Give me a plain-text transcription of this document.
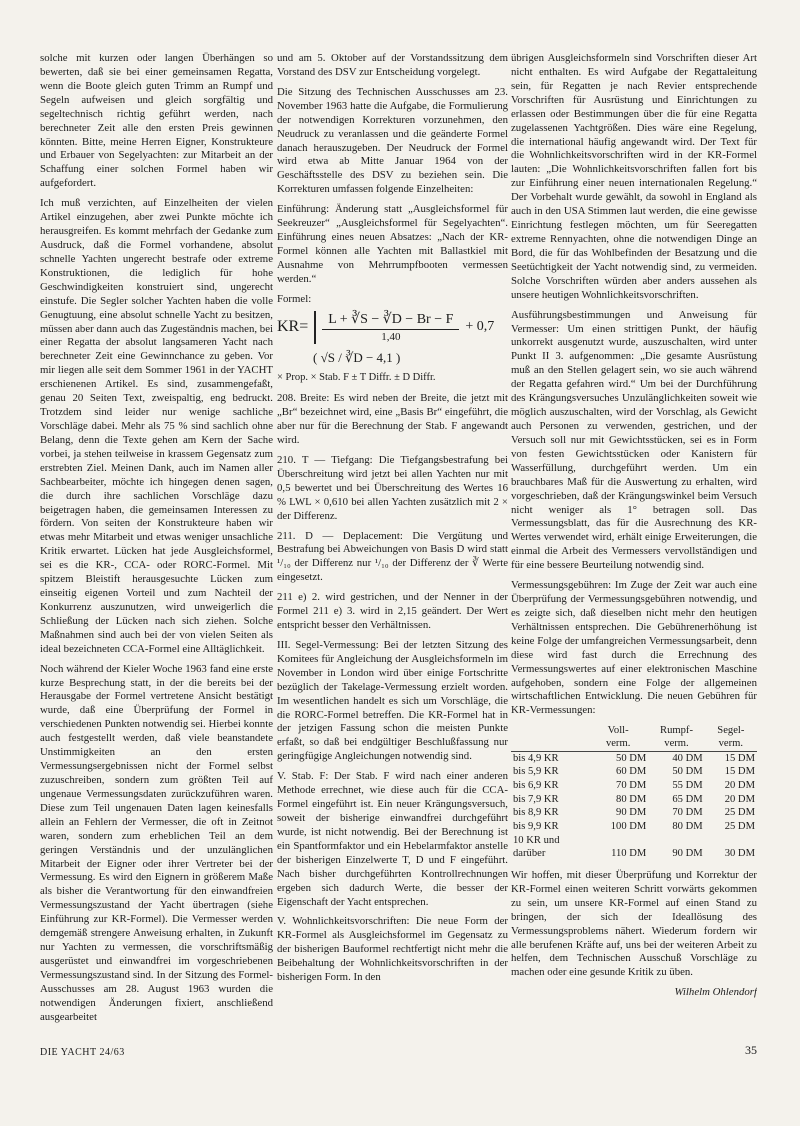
solche mit kurzen oder langen Überhängen so bewerten, daß sie bei einer gemeinsamen Regatta, wenn die Boote gleich guten Trimm an Rumpf und Segeln aufweisen und gleich sorgfältig und segeltechnisch richtig geführt werden, nach berechneter Zeit alle den ersten Preis gewinnen könnten. Bitte, meine Herren Eigner, Konstrukteure und Erbauer von Segelyachten: zur Mitarbeit an der Schaffung einer solchen Formel haben wir aufgefordert.

Ich muß verzichten, auf Einzelheiten der vielen Artikel einzugehen, aber zwei Punkte möchte ich herausgreifen. Es kommt mehrfach der Gedanke zum Ausdruck, daß die Formel vorhandene, absolut schnelle Yachten ungerecht bestrafe oder extreme Konstruktionen, die lediglich für hohe Geschwindigkeiten konstruiert sind, ungerecht einstufe. Die Segler solcher Yachten haben die volle Genugtuung, eine absolut schnelle Yacht zu besitzen, müssen aber dann auch das Zugeständnis machen, bei einer Regatta der absolut langsameren Yacht nach berechneter Zeit eine Gewinnchance zu geben. Vor mir liegen alle seit dem Sommer 1961 in der YACHT erschienenen Artikel. Es sind, zusammengefaßt, genau 20 Seiten Text, zweispaltig, eng bedruckt. Trotzdem sind leider nur wenige sachliche Vorschläge dabei. Mehr als 75 % sind sachlich ohne Belang, denn die Texte gehen am Kern der Sache vorbei, ja stehen teilweise in krassem Gegensatz zum erstrebten Ziel. Meinen Dank, auch im Namen aller Sachbearbeiter, möchte ich hingegen denen sagen, die durch ihre sachlichen Vorschläge dazu beigetragen haben, die gemeinsamen Interessen zu fördern. Von seiten der Konstrukteure haben wir etwas mehr Mitarbeit und etwas weniger unsachliche Kritik erwartet. Lücken hat jede Ausgleichsformel, sei es die KR-, CCA- oder RORC-Formel. Mit spitzem Bleistift herausgesuchte Lücken zum einseitig eigenen Vorteil und zum Nachteil der Konkurrenz auszunutzen, wird unweigerlich die Schließung der Lücken nach sich ziehen. Solche Maßnahmen sind auch bei der von vielen Seiten als ideal bezeichneten CCA-Formel eine Alltäglichkeit.

Noch während der Kieler Woche 1963 fand eine erste kurze Besprechung statt, in der die bereits bei der Herausgabe der Formel vertretene Ansicht bestätigt wurde, daß eine Überprüfung der Formel in verschiedenen Punkten notwendig sei. Hierbei konnte auch festgestellt werden, daß viele beanstandete Unstimmigkeiten an den ersten Vermessungsergebnissen nicht der Formel selbst zuzuschreiben, sondern zum größten Teil auf ungenaue Vermessungsdaten zurückzuführen waren. Diese zum Teil ungenauen Daten lagen keinesfalls allein an Fehlern der Vermesser, die oft in Zeitnot waren, sondern zum erheblichen Teil an dem geringen Verständnis und der unzulänglichen Mitarbeit der Eigner oder ihrer Vertreter bei der Vermessung. Es wird den Eignern in größerem Maße als bisher die Verantwortung für den einwandfreien Vermessungszustand der Yacht übertragen (siehe Einführung zur KR-Formel). Die Vermesser werden demgemäß strengere Anweisung erhalten, in Zukunft nur Yachten zu vermessen, die vorschriftsmäßig ausgerüstet und einwandfrei im vorgeschriebenen Vermessungszustand sind. In der Sitzung des Formel-Ausschusses am 28. August 1963 wurden die notwendigen Änderungen fixiert, anschließend ausgearbeitet

und am 5. Oktober auf der Vorstandssitzung dem Vorstand des DSV zur Entscheidung vorgelegt.

Die Sitzung des Technischen Ausschusses am 23. November 1963 hatte die Aufgabe, die Formulierung der notwendigen Korrekturen vorzunehmen, den Neudruck zu veranlassen und die geänderte Formel danach herauszugeben. Der Neudruck der Formel wird etwa ab Mitte Januar 1964 von der Geschäftsstelle des DSV zu beziehen sein. Die Korrekturen umfassen folgende Einzelheiten:

Einführung: Änderung statt „Ausgleichsformel für Seekreuzer“ „Ausgleichsformel für Segelyachten“. Einführung eines neuen Absatzes: „Nach der KR-Formel können alle Yachten mit Ballastkiel mit Ausnahme von Mehrrumpfbooten vermessen werden.“

Formel:
$KR= \frac{L + ∛S - ∛D - Br - F}{1,40} + 0,7$
( √S / ∛D − 4,1 )
× Prop. × Stab. F ± T Diffr. ± D Diffr.

208. Breite: Es wird neben der Breite, die jetzt mit „Br“ bezeichnet wird, eine „Basis Br“ eingeführt, die aber nur für die Berechnung der Stab. F angewandt wird.

210. T — Tiefgang: Die Tiefgangsbestrafung bei Überschreitung wird jetzt bei allen Yachten nur mit 0,5 bewertet und bei Überschreitung des Wertes 16 % LWL × 0,610 bei allen Yachten zusätzlich mit 2 × der Differenz.

211. D — Deplacement: Die Vergütung und Bestrafung bei Abweichungen von Basis D wird statt ¹/₁₀ der Differenz nur ¹/₁₀ der Differenz der ∛ Werte eingesetzt.

211 e) 2. wird gestrichen, und der Nenner in der Formel 211 e) 3. wird in 2,15 geändert. Der Wert entspricht besser den Verhältnissen.

III. Segel-Vermessung: Bei der letzten Sitzung des Komitees für Angleichung der Ausgleichsformeln im November in London wird über einige Fortschritte bezüglich der Takelage-Vermessung erzielt worden. Im wesentlichen handelt es sich um Vorschläge, die die RORC-Formel betreffen. Die KR-Formel hat in der jetzigen Fassung schon die meisten Punkte erfaßt, so daß bei endgültiger Beschlußfassung nur geringfügige Angleichungen notwendig sind.

V. Stab. F: Der Stab. F wird nach einer anderen Methode errechnet, wie diese auch für die CCA-Formel eingeführt ist. Ein neuer Krängungsversuch, soweit der bisherige einwandfrei durchgeführt wurde, ist nicht notwendig. Bei der Berechnung ist ein Spantformfaktor und ein Hebelarmfaktor anstelle der bisherigen Einzelwerte T, D und F eingeführt. Nach bisher durchgeführten Kontrollrechnungen ergeben sich dadurch Werte, die besser der Eigenschaft der Yacht entsprechen.

V. Wohnlichkeitsvorschriften: Die neue Form der KR-Formel als Ausgleichsformel im Gegensatz zu der bisherigen Bauformel rechtfertigt nicht mehr die Beibehaltung der Wohnlichkeitsvorschriften in der bisherigen Form. In den

übrigen Ausgleichsformeln sind Vorschriften dieser Art nicht enthalten. Es wird Aufgabe der Regattaleitung sein, für Regatten je nach Revier entsprechende Vorschriften für Ausrüstung und Einrichtungen zu erlassen oder Bestimmungen über die für eine Regatta zugelassenen Yachtgrößen. Dies wäre eine Regelung, die international häufig angewandt wird. Der Text für die Wohnlichkeitsvorschriften wird in der KR-Formel lauten: „Die Wohnlichkeitsvorschriften fallen fort bis zur Einführung einer neuen internationalen Regelung.“ Der Vorbehalt wurde gewählt, da sowohl in England als auch in den USA Stimmen laut werden, die eine gewisse Einrichtung festlegen möchten, um für Seeregatten extreme Rennyachten, ohne die notwendigen Dinge an Bord, die für das Wohlbefinden der Besatzung und die Seetüchtigkeit der Yacht notwendig sind, zu vermeiden. Solche Vorschriften würden aber anders aussehen als unsere heutigen Wohnlichkeitsvorschriften.

Ausführungsbestimmungen und Anweisung für Vermesser: Um einen strittigen Punkt, der häufig unkorrekt ausgenutzt wurde, auszuschalten, wird unter Punkt II 3. aufgenommen: „Die gesamte Ausrüstung muß an den Stellen gelagert sein, wo sie auch während der Regatta gefahren wird.“ Um bei der Durchführung des Krängungsversuches Unzulänglichkeiten soweit wie möglich auszuschalten, wird der Vorschlag, als Gewicht auch Personen zu verwenden, gestrichen, und der Versuch soll nur mit Gewichtsstücken, sei es in Form von festen Gewichtsstücken oder Kanistern für Wasserfüllung, durchgeführt werden. Um ein brauchbares Maß für die Auswertung zu erhalten, wird vorgeschrieben, daß der Krängungswinkel beim Versuch nicht weniger als 1° betragen soll. Das Vermessungsblatt, das für die Ausrechnung des KR-Wertes verwendet wird, erhält einige Erweiterungen, die einmal die Arbeit des Vermessers vervollständigen und für eine bessere Beurteilung notwendig sind.

Vermessungsgebühren: Im Zuge der Zeit war auch eine Überprüfung der Vermessungsgebühren notwendig, und es zeigte sich, daß dieselben nicht mehr den heutigen Verhältnissen entsprechen. Die Gebührenerhöhung ist keine Folge der umfangreichen Vermessungsarbeit, denn diese wird fast durch die Errechnung des Vermessungswertes auf einer elektronischen Maschine aufgehoben, sondern eine Folge der allgemeinen wirtschaftlichen Entwicklung. Die neuen Gebühren für KR-Vermessungen:

	Voll-
verm.	Rumpf-
verm.	Segel-
verm.
bis 4,9 KR	50 DM	40 DM	15 DM
bis 5,9 KR	60 DM	50 DM	15 DM
bis 6,9 KR	70 DM	55 DM	20 DM
bis 7,9 KR	80 DM	65 DM	20 DM
bis 8,9 KR	90 DM	70 DM	25 DM
bis 9,9 KR	100 DM	80 DM	25 DM
10 KR und
darüber	110 DM	90 DM	30 DM

Wir hoffen, mit dieser Überprüfung und Korrektur der KR-Formel einen weiteren Schritt vorwärts gekommen zu sein, um unsere KR-Formel auf einen Stand zu bringen, der sich der Ideallösung des Vermessungsproblems nähert. Wiederum fordern wir alle berufenen Kräfte auf, uns bei der weiteren Arbeit zu helfen, dem Technischen Ausschuß Vorschläge zu machen oder eine gesunde Kritik zu üben.

Wilhelm Ohlendorf
DIE YACHT 24/63	35
